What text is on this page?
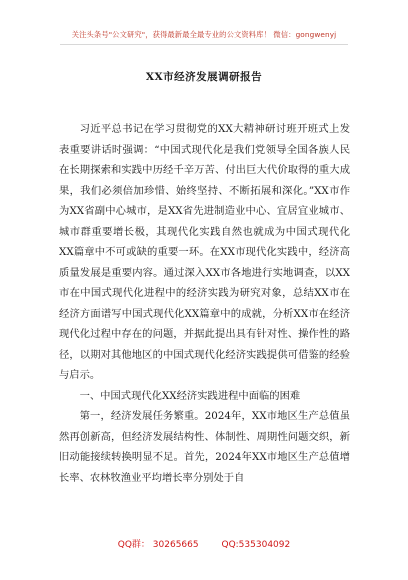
关注头条号"公文研究"，获得最新最全最专业的公文资料库！ 微信：gongwenyj
XX市经济发展调研报告

习近平总书记在学习贯彻党的XX大精神研讨班开班式上发表重要讲话时强调：“中国式现代化是我们党领导全国各族人民在长期探索和实践中历经千辛万苦、付出巨大代价取得的重大成果，我们必须倍加珍惜、始终坚持、不断拓展和深化。”XX市作为XX省副中心城市，是XX省先进制造业中心、宜居宜业城市、城市群重要增长极，其现代化实践自然也就成为中国式现代化XX篇章中不可或缺的重要一环。在XX市现代化实践中，经济高质量发展是重要内容。通过深入XX市各地进行实地调查，以XX市在中国式现代化进程中的经济实践为研究对象，总结XX市在经济方面谱写中国式现代化XX篇章中的成就，分析XX市在经济现代化过程中存在的问题，并据此提出具有针对性、操作性的路径，以期对其他地区的中国式现代化经济实践提供可借鉴的经验与启示。

一、中国式现代化XX经济实践进程中面临的困难

第一，经济发展任务繁重。2024年，XX市地区生产总值虽然再创新高，但经济发展结构性、体制性、周期性问题交织，新旧动能接续转换明显不足。首先，2024年XX市地区生产总值增长率、农林牧渔业平均增长率分别处于自

QQ群： 30265665	QQ:535304092
